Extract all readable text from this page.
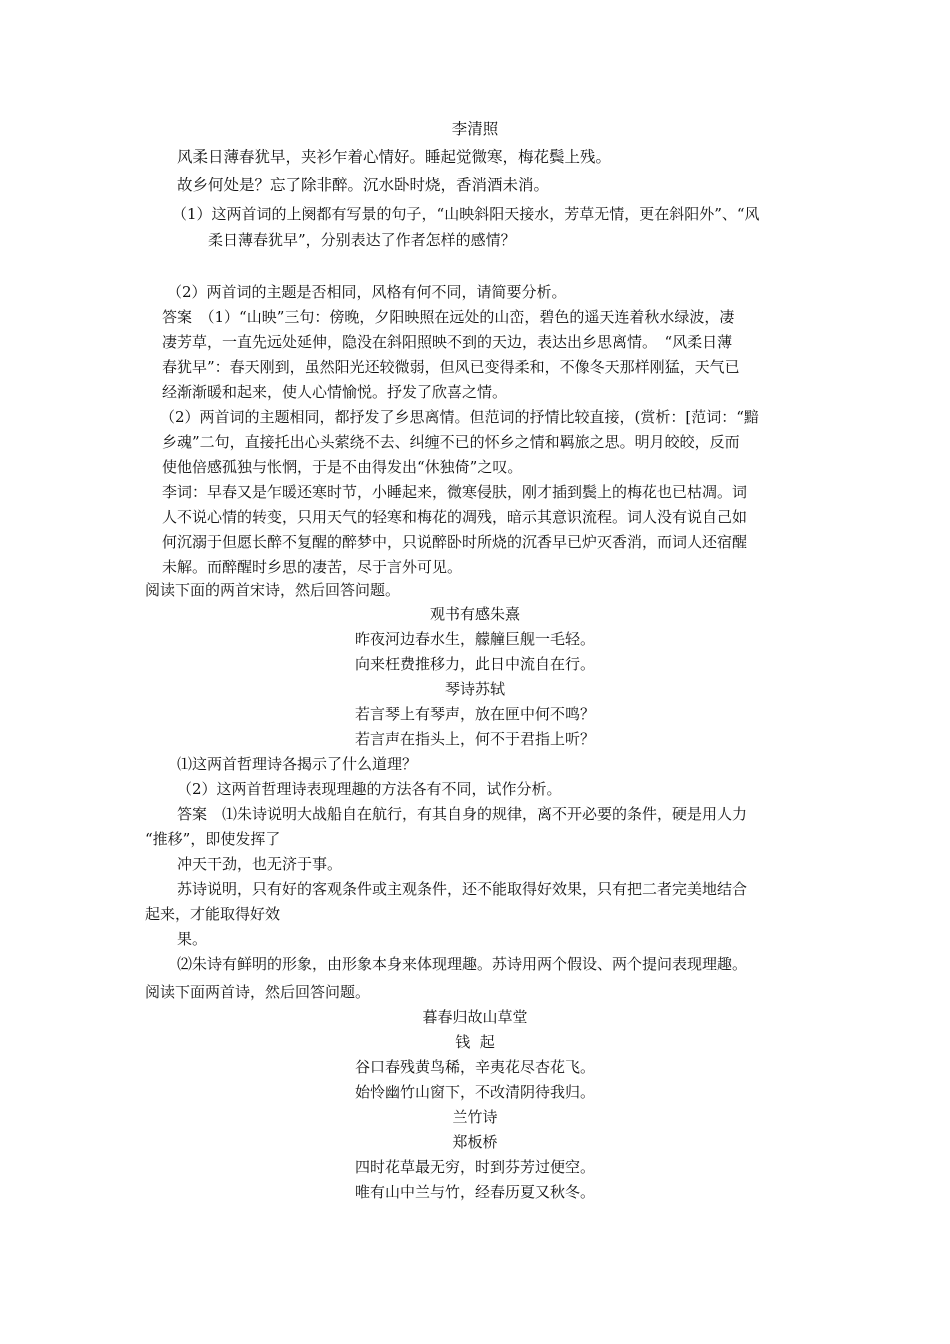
李清照
风柔日薄春犹早，夹衫乍着心情好。睡起觉微寒，梅花鬓上残。
故乡何处是？忘了除非醉。沉水卧时烧，香消酒未消。
（1）这两首词的上阕都有写景的句子，“山映斜阳天接水，芳草无情，更在斜阳外”、“风
柔日薄春犹早”，分别表达了作者怎样的感情？
（2）两首词的主题是否相同，风格有何不同，请简要分析。
答案　（1）“山映”三句：傍晚，夕阳映照在远处的山峦，碧色的遥天连着秋水绿波，凄
凄芳草，一直先远处延伸，隐没在斜阳照映不到的天边，表达出乡思离情。　“风柔日薄
春犹早”：春天刚到，虽然阳光还较微弱，但风已变得柔和，不像冬天那样刚猛，天气已
经渐渐暖和起来，使人心情愉悦。抒发了欣喜之情。
（2）两首词的主题相同，都抒发了乡思离情。但范词的抒情比较直接，(赏析：[范词：“黯
乡魂”二句，直接托出心头萦绕不去、纠缠不已的怀乡之情和羁旅之思。明月皎皎，反而
使他倍感孤独与怅惘，于是不由得发出“休独倚”之叹。
李词：早春又是乍暖还寒时节，小睡起来，微寒侵肤，刚才插到鬓上的梅花也已枯凋。词
人不说心情的转变，只用天气的轻寒和梅花的凋残，暗示其意识流程。词人没有说自己如
何沉溺于但愿长醉不复醒的醉梦中，只说醉卧时所烧的沉香早已炉灭香消，而词人还宿醒
未解。而醉醒时乡思的凄苦，尽于言外可见。
阅读下面的两首宋诗，然后回答问题。
观书有感朱熹
昨夜河边春水生，艨艟巨舰一毛轻。
向来枉费推移力，此日中流自在行。
琴诗苏轼
若言琴上有琴声，放在匣中何不鸣？
若言声在指头上，何不于君指上听？
⑴这两首哲理诗各揭示了什么道理？
（2）这两首哲理诗表现理趣的方法各有不同，试作分析。
答案　⑴朱诗说明大战船自在航行，有其自身的规律，离不开必要的条件，硬是用人力
“推移”，即使发挥了
冲天干劲，也无济于事。
苏诗说明，只有好的客观条件或主观条件，还不能取得好效果，只有把二者完美地结合
起来，才能取得好效
果。
⑵朱诗有鲜明的形象，由形象本身来体现理趣。苏诗用两个假设、两个提问表现理趣。
阅读下面两首诗，然后回答问题。
暮春归故山草堂
钱  起
谷口春残黄鸟稀，辛夷花尽杏花飞。
始怜幽竹山窗下，不改清阴待我归。
兰竹诗
郑板桥
四时花草最无穷，时到芬芳过便空。
唯有山中兰与竹，经春历夏又秋冬。
